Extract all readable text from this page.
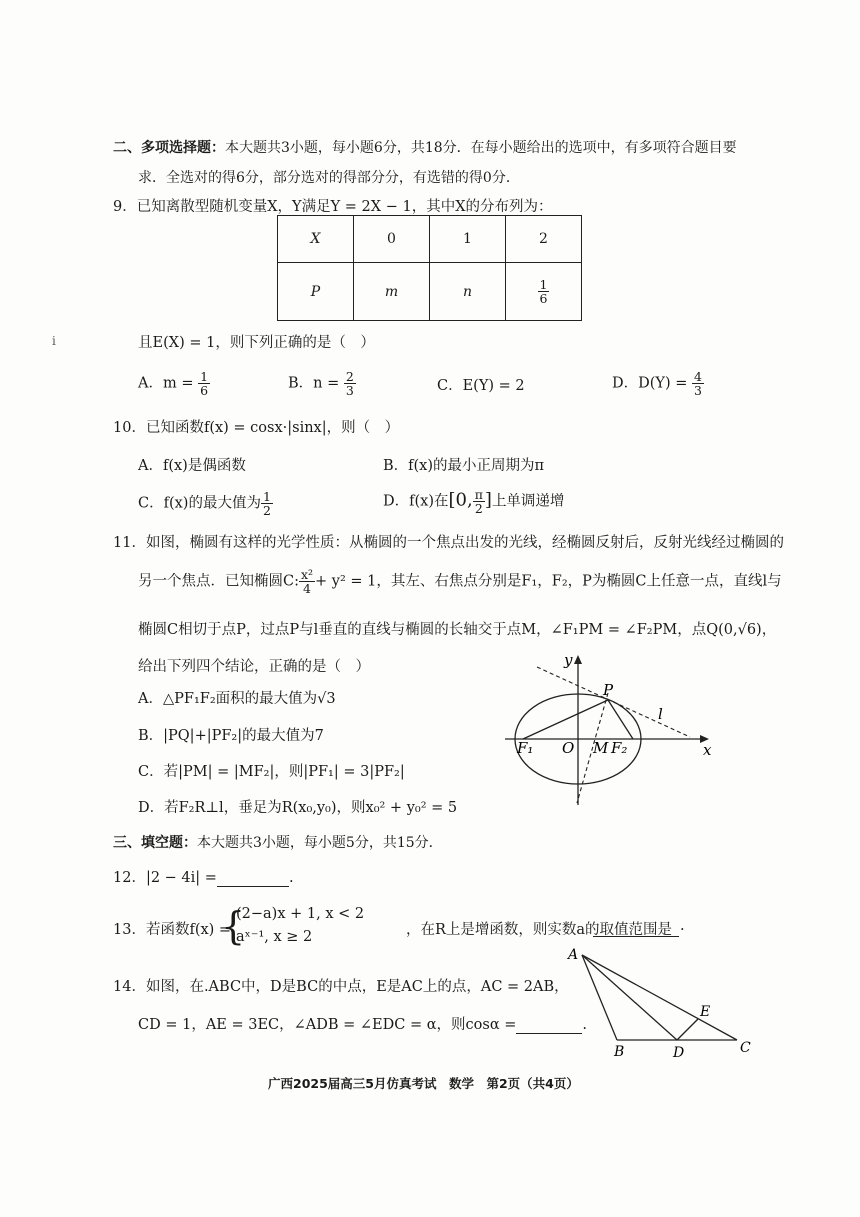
二、多项选择题：本大题共3小题，每小题6分，共18分．在每小题给出的选项中，有多项符合题目要
求．全选对的得6分，部分选对的得部分分，有选错的得0分．
9．已知离散型随机变量X，Y满足Y = 2X − 1，其中X的分布列为：
X	0	1	2
P	m	n	$\frac{1}{6}$
i	且E(X) = 1，则下列正确的是（　）
A．$m = \frac{1}{6}$	B．$n = \frac{2}{3}$	C．E(Y) = 2	D．$D(Y) = \frac{4}{3}$
10．已知函数f(x) = cosx·|sinx|，则（　）
A．f(x)是偶函数	B．f(x)的最小正周期为π
C．f(x)的最大值为 $\frac{1}{2}$	D．f(x)在[0, $\frac{\pi}{2}$ ]上单调递增
11．如图，椭圆有这样的光学性质：从椭圆的一个焦点出发的光线，经椭圆反射后，反射光线经过椭圆的
另一个焦点．已知椭圆C: $\frac{\text{x²}}{4} + y^2 = 1$，其左、右焦点分别是F₁，F₂，P为椭圆C上任意一点，直线l与
椭圆C相切于点P，过点P与l垂直的直线与椭圆的长轴交于点M，∠F₁PM = ∠F₂PM，点Q(0,√6)，
给出下列四个结论，正确的是（　）
A．△PF₁F₂面积的最大值为√3
B．|PQ|+|PF₂|的最大值为7
C．若|PM| = |MF₂|，则|PF₁| = 3|PF₂|
D．若F₂R⊥l，垂足为R(x₀,y₀)，则x₀² + y₀² = 5
y
x
P
l
F₁ O M F₂
三、填空题：本大题共3小题，每小题5分，共15分．
12．|2 − 4i| =	.
13．若函数f(x) =
{
(2−a)x + 1, x < 2
aˣ⁻¹, x ≥ 2	，在R上是增函数，则实数a的取值范围是 .
14．如图，在.ABC中，D是BC的中点，E是AC上的点，AC = 2AB，
CD = 1，AE = 3EC，∠ADB = ∠EDC = α，则cosα =	.
A
B	D	C
E
广西2025届高三5月仿真考试　数学　第2页（共4页）
